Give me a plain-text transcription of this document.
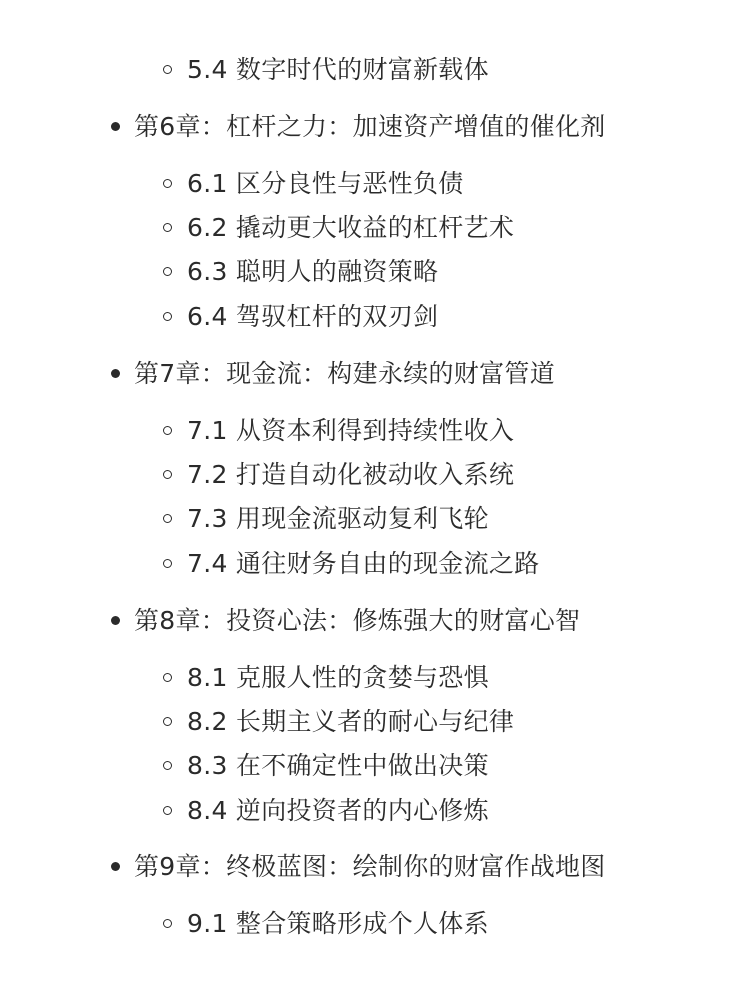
5.4 数字时代的财富新载体
第6章：杠杆之力：加速资产增值的催化剂
6.1 区分良性与恶性负债
6.2 撬动更大收益的杠杆艺术
6.3 聪明人的融资策略
6.4 驾驭杠杆的双刃剑
第7章：现金流：构建永续的财富管道
7.1 从资本利得到持续性收入
7.2 打造自动化被动收入系统
7.3 用现金流驱动复利飞轮
7.4 通往财务自由的现金流之路
第8章：投资心法：修炼强大的财富心智
8.1 克服人性的贪婪与恐惧
8.2 长期主义者的耐心与纪律
8.3 在不确定性中做出决策
8.4 逆向投资者的内心修炼
第9章：终极蓝图：绘制你的财富作战地图
9.1 整合策略形成个人体系
